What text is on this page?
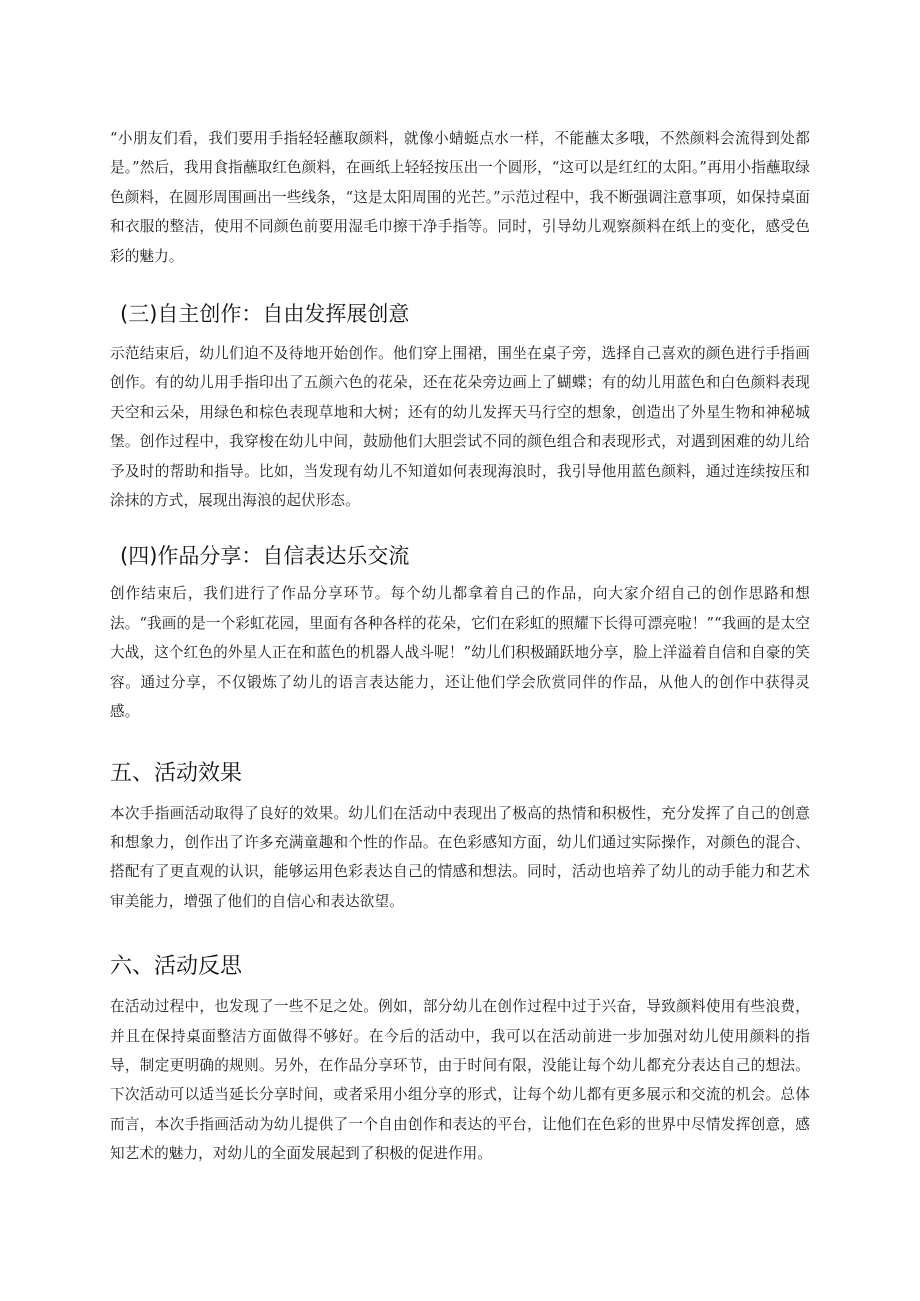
“小朋友们看，我们要用手指轻轻蘸取颜料，就像小蜻蜓点水一样，不能蘸太多哦，不然颜料会流得到处都是。”然后，我用食指蘸取红色颜料，在画纸上轻轻按压出一个圆形，“这可以是红红的太阳。”再用小指蘸取绿色颜料，在圆形周围画出一些线条，“这是太阳周围的光芒。”示范过程中，我不断强调注意事项，如保持桌面和衣服的整洁，使用不同颜色前要用湿毛巾擦干净手指等。同时，引导幼儿观察颜料在纸上的变化，感受色彩的魅力。

(三)自主创作：自由发挥展创意

示范结束后，幼儿们迫不及待地开始创作。他们穿上围裙，围坐在桌子旁，选择自己喜欢的颜色进行手指画创作。有的幼儿用手指印出了五颜六色的花朵，还在花朵旁边画上了蝴蝶；有的幼儿用蓝色和白色颜料表现天空和云朵，用绿色和棕色表现草地和大树；还有的幼儿发挥天马行空的想象，创造出了外星生物和神秘城堡。创作过程中，我穿梭在幼儿中间，鼓励他们大胆尝试不同的颜色组合和表现形式，对遇到困难的幼儿给予及时的帮助和指导。比如，当发现有幼儿不知道如何表现海浪时，我引导他用蓝色颜料，通过连续按压和涂抹的方式，展现出海浪的起伏形态。

(四)作品分享：自信表达乐交流

创作结束后，我们进行了作品分享环节。每个幼儿都拿着自己的作品，向大家介绍自己的创作思路和想法。“我画的是一个彩虹花园，里面有各种各样的花朵，它们在彩虹的照耀下长得可漂亮啦！”“我画的是太空大战，这个红色的外星人正在和蓝色的机器人战斗呢！”幼儿们积极踊跃地分享，脸上洋溢着自信和自豪的笑容。通过分享，不仅锻炼了幼儿的语言表达能力，还让他们学会欣赏同伴的作品，从他人的创作中获得灵感。

五、活动效果

本次手指画活动取得了良好的效果。幼儿们在活动中表现出了极高的热情和积极性，充分发挥了自己的创意和想象力，创作出了许多充满童趣和个性的作品。在色彩感知方面，幼儿们通过实际操作，对颜色的混合、搭配有了更直观的认识，能够运用色彩表达自己的情感和想法。同时，活动也培养了幼儿的动手能力和艺术审美能力，增强了他们的自信心和表达欲望。

六、活动反思

在活动过程中，也发现了一些不足之处。例如，部分幼儿在创作过程中过于兴奋，导致颜料使用有些浪费，并且在保持桌面整洁方面做得不够好。在今后的活动中，我可以在活动前进一步加强对幼儿使用颜料的指导，制定更明确的规则。另外，在作品分享环节，由于时间有限，没能让每个幼儿都充分表达自己的想法。下次活动可以适当延长分享时间，或者采用小组分享的形式，让每个幼儿都有更多展示和交流的机会。总体而言，本次手指画活动为幼儿提供了一个自由创作和表达的平台，让他们在色彩的世界中尽情发挥创意，感知艺术的魅力，对幼儿的全面发展起到了积极的促进作用。
